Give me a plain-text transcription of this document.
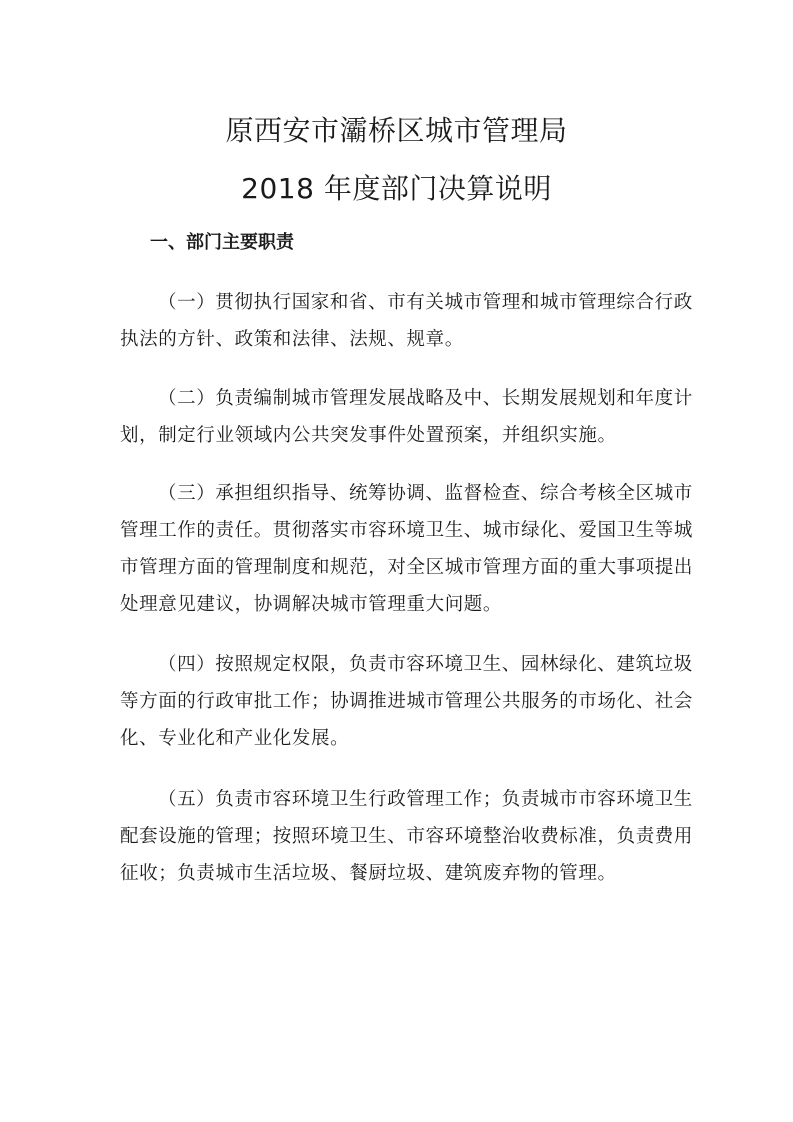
原西安市灞桥区城市管理局
2018 年度部门决算说明
一、部门主要职责
（一）贯彻执行国家和省、市有关城市管理和城市管理综合行政
执法的方针、政策和法律、法规、规章。
（二）负责编制城市管理发展战略及中、长期发展规划和年度计
划，制定行业领域内公共突发事件处置预案，并组织实施。
（三）承担组织指导、统筹协调、监督检查、综合考核全区城市
管理工作的责任。贯彻落实市容环境卫生、城市绿化、爱国卫生等城
市管理方面的管理制度和规范，对全区城市管理方面的重大事项提出
处理意见建议，协调解决城市管理重大问题。
（四）按照规定权限，负责市容环境卫生、园林绿化、建筑垃圾
等方面的行政审批工作；协调推进城市管理公共服务的市场化、社会
化、专业化和产业化发展。
（五）负责市容环境卫生行政管理工作；负责城市市容环境卫生
配套设施的管理；按照环境卫生、市容环境整治收费标准，负责费用
征收；负责城市生活垃圾、餐厨垃圾、建筑废弃物的管理。
